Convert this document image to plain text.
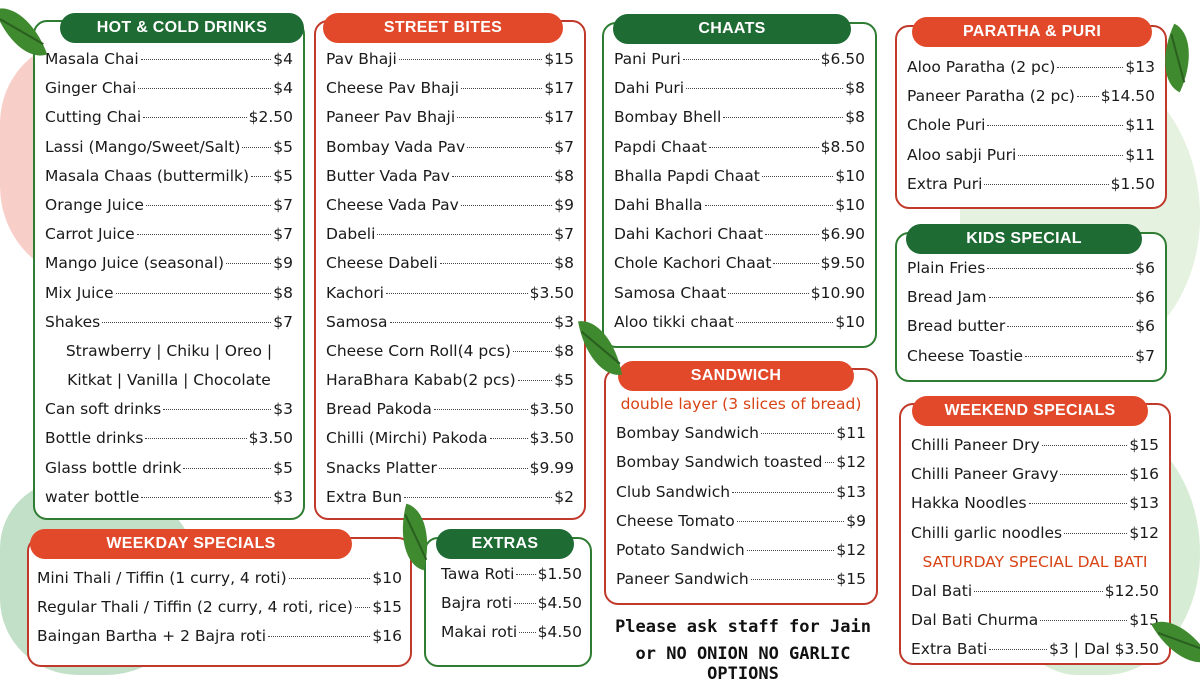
Masala Chai	$4
Ginger Chai	$4
Cutting Chai	$2.50
Lassi (Mango/Sweet/Salt) $5
Masala Chaas (buttermilk) $5
Orange Juice	$7
Carrot Juice	$7
Mango Juice (seasonal)	$9
Mix Juice	$8
Shakes	$7
Strawberry | Chiku | Oreo |
Kitkat | Vanilla | Chocolate
Can soft drinks	$3
Bottle drinks	$3.50
Glass bottle drink	$5
water bottle	$3
HOT & COLD DRINKS
Pav Bhaji	$15
Cheese Pav Bhaji	$17
Paneer Pav Bhaji	$17
Bombay Vada Pav	$7
Butter Vada Pav	$8
Cheese Vada Pav	$9
Dabeli	$7
Cheese Dabeli	$8
Kachori	$3.50
Samosa	$3
Cheese Corn Roll(4 pcs)	$8
HaraBhara Kabab(2 pcs) $5
Bread Pakoda	$3.50
Chilli (Mirchi) Pakoda	$3.50
Snacks Platter	$9.99
Extra Bun	$2
STREET BITES
Pani Puri	$6.50
Dahi Puri	$8
Bombay Bhell	$8
Papdi Chaat	$8.50
Bhalla Papdi Chaat	$10
Dahi Bhalla	$10
Dahi Kachori Chaat	$6.90
Chole Kachori Chaat	$9.50
Samosa Chaat	$10.90
Aloo tikki chaat	$10
CHAATS
double layer (3 slices of bread)
Bombay Sandwich	$11
Bombay Sandwich toasted $12
Club Sandwich	$13
Cheese Tomato	$9
Potato Sandwich	$12
Paneer Sandwich	$15
SANDWICH
Aloo Paratha (2 pc)	$13
Paneer Paratha (2 pc) $14.50
Chole Puri	$11
Aloo sabji Puri	$11
Extra Puri	$1.50
PARATHA & PURI
Plain Fries	$6
Bread Jam	$6
Bread butter	$6
Cheese Toastie	$7
KIDS SPECIAL
Chilli Paneer Dry	$15
Chilli Paneer Gravy	$16
Hakka Noodles	$13
Chilli garlic noodles	$12
SATURDAY SPECIAL DAL BATI
Dal Bati	$12.50
Dal Bati Churma	$15
Extra Bati	$3 | Dal $3.50
WEEKEND SPECIALS
Mini Thali / Tiffin (1 curry, 4 roti)	$10
Regular Thali / Tiffin (2 curry, 4 roti, rice) $15
Baingan Bartha + 2 Bajra roti	$16
WEEKDAY SPECIALS
Tawa Roti $1.50
Bajra roti $4.50
Makai roti $4.50
EXTRAS
Please ask staff for Jain
or NO ONION NO GARLIC OPTIONS
